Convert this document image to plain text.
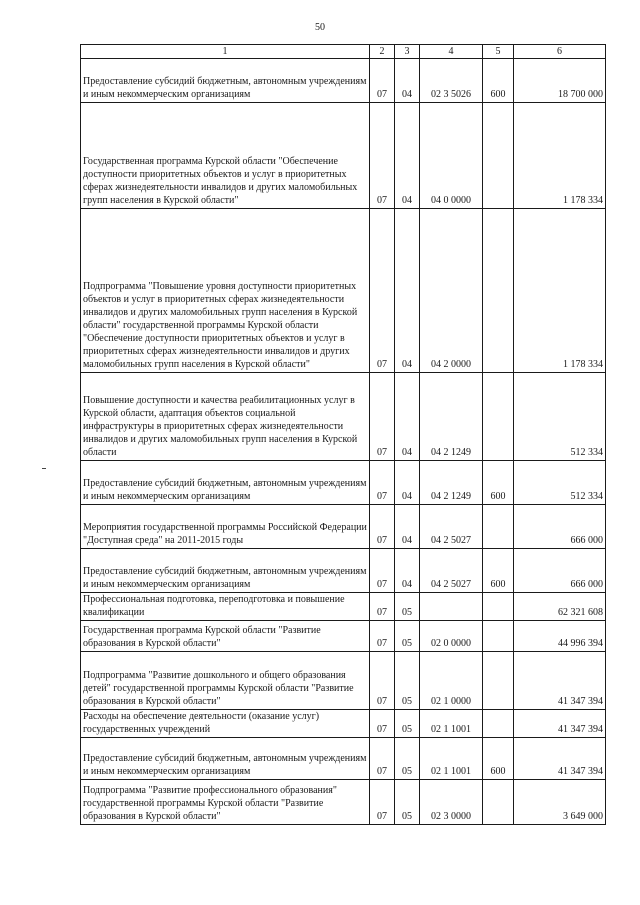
50
1	2	3	4	5	6
Предоставление субсидий бюджетным, автономным учреждениям и иным некоммерческим организациям	07	04	02 3 5026	600	18 700 000
Государственная программа Курской области "Обеспечение доступности приоритетных объектов и услуг в приоритетных сферах жизнедеятельности инвалидов и других маломобильных групп населения в Курской области"	07	04	04 0 0000		1 178 334
Подпрограмма "Повышение уровня доступности приоритетных объектов и услуг в приоритетных сферах жизнедеятельности инвалидов и других маломобильных групп населения в Курской области" государственной программы Курской области "Обеспечение доступности приоритетных объектов и услуг в приоритетных сферах жизнедеятельности инвалидов и других маломобильных групп населения в Курской области"	07	04	04 2 0000		1 178 334
Повышение доступности и качества реабилитационных услуг в Курской области, адаптация объектов социальной инфраструктуры в приоритетных сферах жизнедеятельности инвалидов и других маломобильных групп населения в Курской области	07	04	04 2 1249		512 334
Предоставление субсидий бюджетным, автономным учреждениям и иным некоммерческим организациям	07	04	04 2 1249	600	512 334
Мероприятия государственной программы Российской Федерации "Доступная среда" на 2011-2015 годы	07	04	04 2 5027		666 000
Предоставление субсидий бюджетным, автономным учреждениям и иным некоммерческим организациям	07	04	04 2 5027	600	666 000
Профессиональная подготовка, переподготовка и повышение квалификации	07	05			62 321 608
Государственная программа Курской области "Развитие образования в Курской области"	07	05	02 0 0000		44 996 394
Подпрограмма "Развитие дошкольного и общего образования детей" государственной программы Курской области "Развитие образования в Курской области"	07	05	02 1 0000		41 347 394
Расходы на обеспечение деятельности (оказание услуг) государственных учреждений	07	05	02 1 1001		41 347 394
Предоставление субсидий бюджетным, автономным учреждениям и иным некоммерческим организациям	07	05	02 1 1001	600	41 347 394
Подпрограмма "Развитие профессионального образования" государственной программы Курской области "Развитие образования в Курской области"	07	05	02 3 0000		3 649 000
